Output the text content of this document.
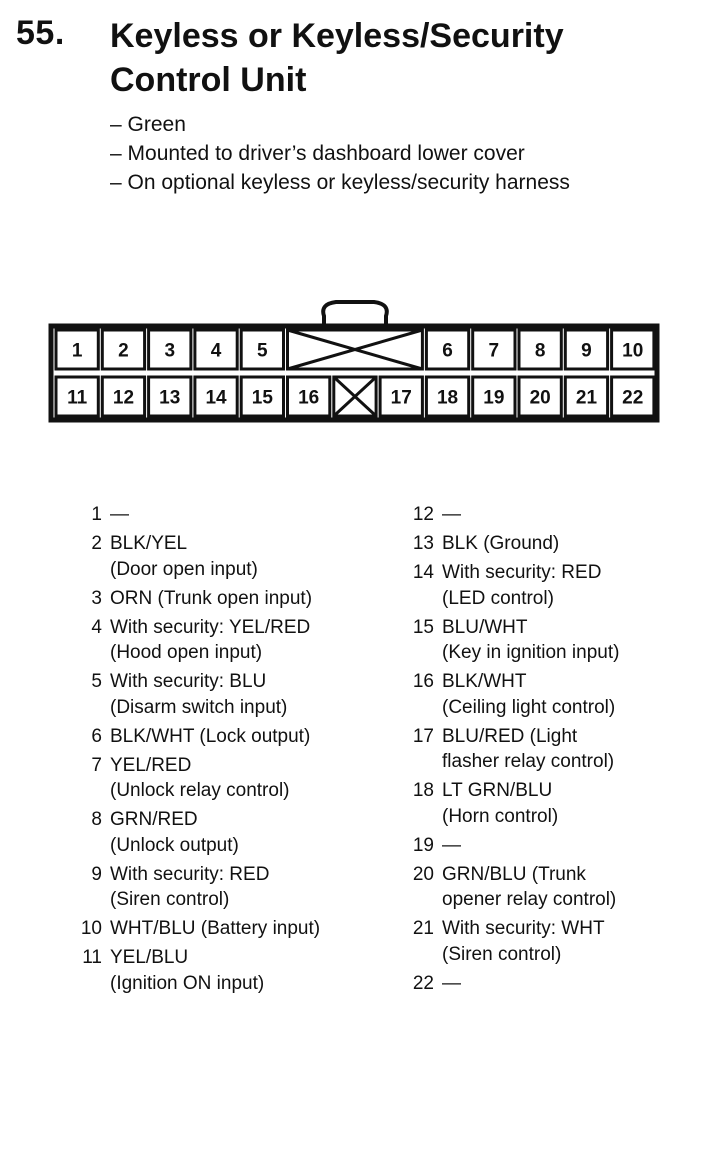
55. Keyless or Keyless/Security Control Unit
– Green
– Mounted to driver’s dashboard lower cover
– On optional keyless or keyless/security harness
1 2 3 4 5	6 7 8 9 10
11 12 13 14 15 16	17 18 19 20 21 22
1 —
2 BLK/YEL
(Door open input)
3 ORN (Trunk open input)
4 With security: YEL/RED
(Hood open input)
5 With security: BLU
(Disarm switch input)
6 BLK/WHT (Lock output)
7 YEL/RED
(Unlock relay control)
8 GRN/RED
(Unlock output)
9 With security: RED
(Siren control)
10 WHT/BLU (Battery input)
11 YEL/BLU
(Ignition ON input)
12 —
13 BLK (Ground)
14 With security: RED
(LED control)
15 BLU/WHT
(Key in ignition input)
16 BLK/WHT
(Ceiling light control)
17 BLU/RED (Light
flasher relay control)
18 LT GRN/BLU
(Horn control)
19 —
20 GRN/BLU (Trunk
opener relay control)
21 With security: WHT
(Siren control)
22 —
